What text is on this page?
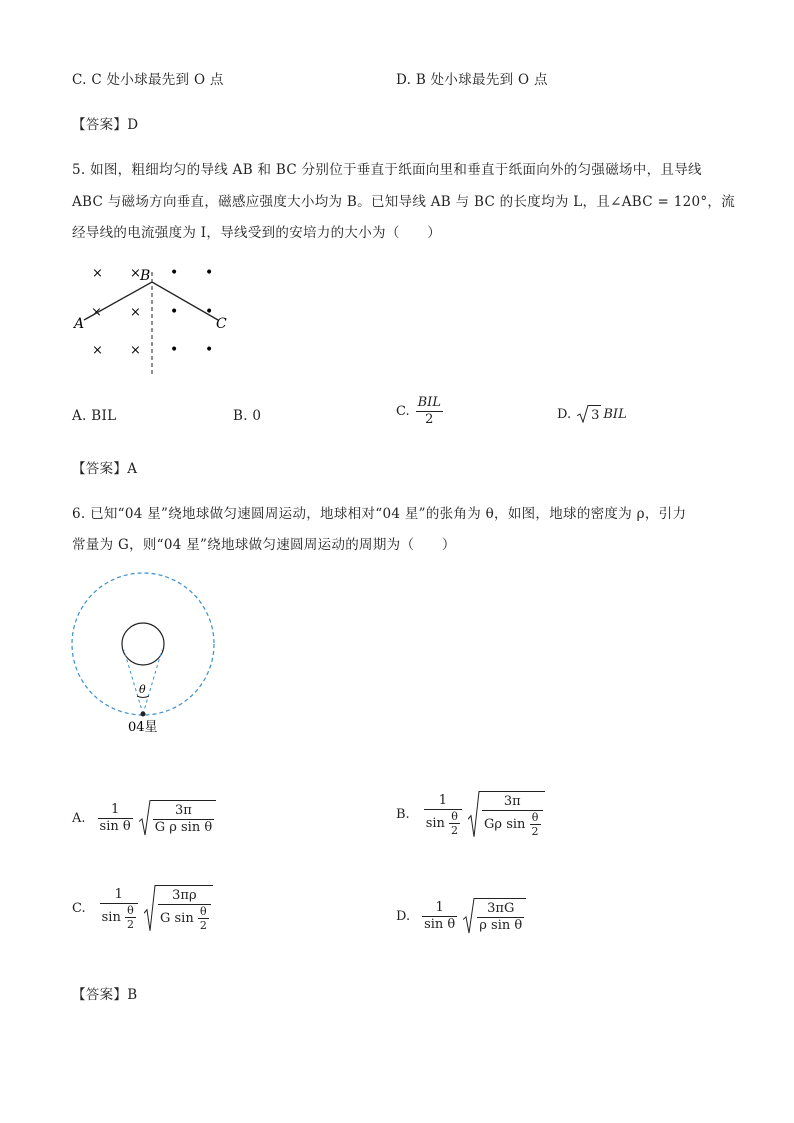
C. C 处小球最先到 O 点	D. B 处小球最先到 O 点
【答案】D
5. 如图，粗细均匀的导线 AB 和 BC 分别位于垂直于纸面向里和垂直于纸面向外的匀强磁场中，且导线
ABC 与磁场方向垂直，磁感应强度大小均为 B。已知导线 AB 与 BC 的长度均为 L，且∠ABC = 120°，流
经导线的电流强度为 I，导线受到的安培力的大小为（　　）
× ×
× ×
× ×
• •
• •
• •
A
B
C
A. BIL	B. 0	C. $\frac{\text{BIL}}{2}$	D.	3 BIL
【答案】A
6. 已知“04 星”绕地球做匀速圆周运动，地球相对“04 星”的张角为 θ，如图，地球的密度为 ρ，引力
常量为 G，则“04 星”绕地球做匀速圆周运动的周期为（　　）
θ
04星
A. $\frac{1}{\text{sin θ}} \frac{3\pi}{\text{G ρ sin θ}}$	B. $\frac{1}{\sin \frac{\theta}{2}} \frac{3\pi}{G\rho \sin \frac{\theta}{2}}$
C. $\frac{1}{\sin \frac{\theta}{2}} \frac{3\pi\rho}{G \sin \frac{\theta}{2}}$	D. $\frac{1}{\text{sin θ}} \frac{3\pi G}{\text{ρ sin θ}}$
【答案】B
